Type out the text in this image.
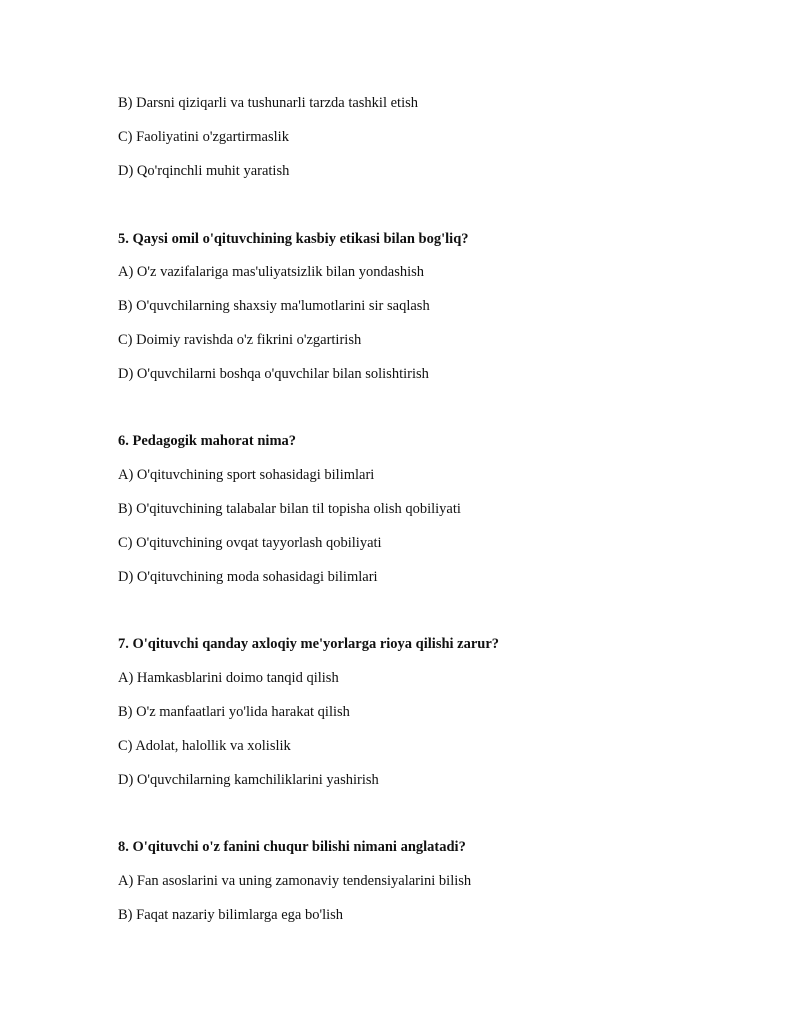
B) Darsni qiziqarli va tushunarli tarzda tashkil etish
C) Faoliyatini o'zgartirmaslik
D) Qo'rqinchli muhit yaratish
5. Qaysi omil o'qituvchining kasbiy etikasi bilan bog'liq?
A) O'z vazifalariga mas'uliyatsizlik bilan yondashish
B) O'quvchilarning shaxsiy ma'lumotlarini sir saqlash
C) Doimiy ravishda o'z fikrini o'zgartirish
D) O'quvchilarni boshqa o'quvchilar bilan solishtirish
6. Pedagogik mahorat nima?
A) O'qituvchining sport sohasidagi bilimlari
B) O'qituvchining talabalar bilan til topisha olish qobiliyati
C) O'qituvchining ovqat tayyorlash qobiliyati
D) O'qituvchining moda sohasidagi bilimlari
7. O'qituvchi qanday axloqiy me'yorlarga rioya qilishi zarur?
A) Hamkasblarini doimo tanqid qilish
B) O'z manfaatlari yo'lida harakat qilish
C) Adolat, halollik va xolislik
D) O'quvchilarning kamchiliklarini yashirish
8. O'qituvchi o'z fanini chuqur bilishi nimani anglatadi?
A) Fan asoslarini va uning zamonaviy tendensiyalarini bilish
B) Faqat nazariy bilimlarga ega bo'lish
